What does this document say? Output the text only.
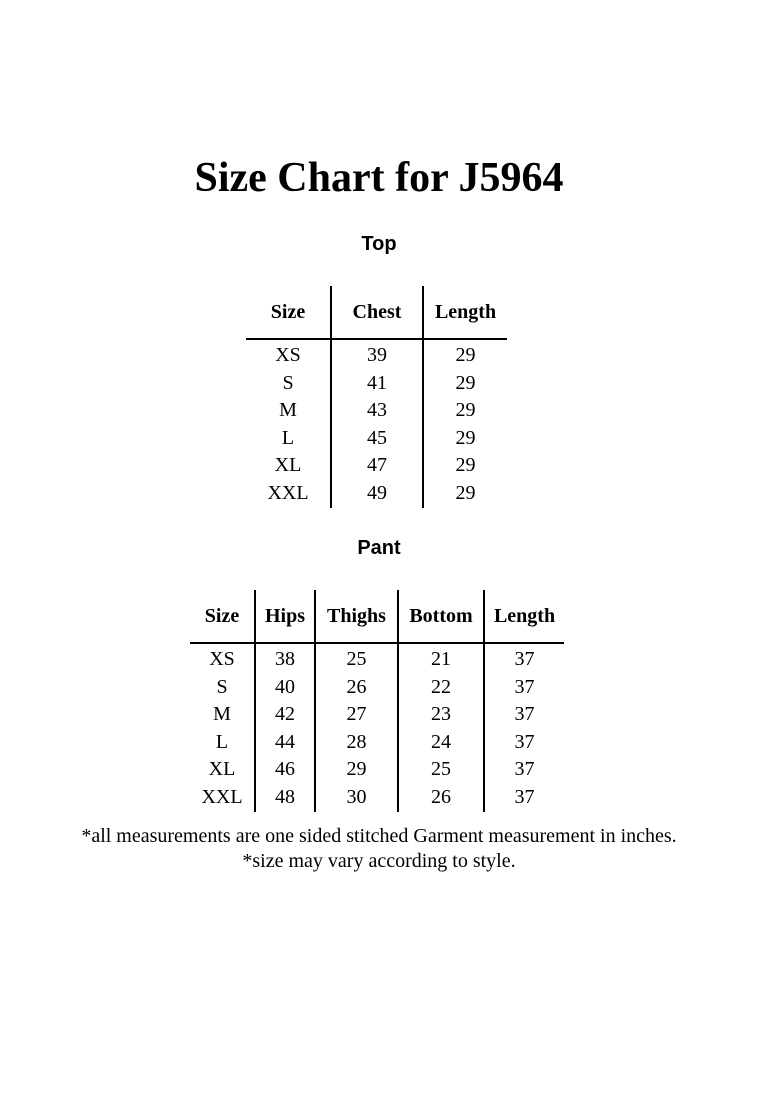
Size Chart for J5964
Top
Size	Chest	Length
XS	39	29
S	41	29
M	43	29
L	45	29
XL	47	29
XXL	49	29
Pant
Size	Hips	Thighs	Bottom	Length
XS	38	25	21	37
S	40	26	22	37
M	42	27	23	37
L	44	28	24	37
XL	46	29	25	37
XXL	48	30	26	37

*all measurements are one sided stitched Garment measurement in inches.

*size may vary according to style.
